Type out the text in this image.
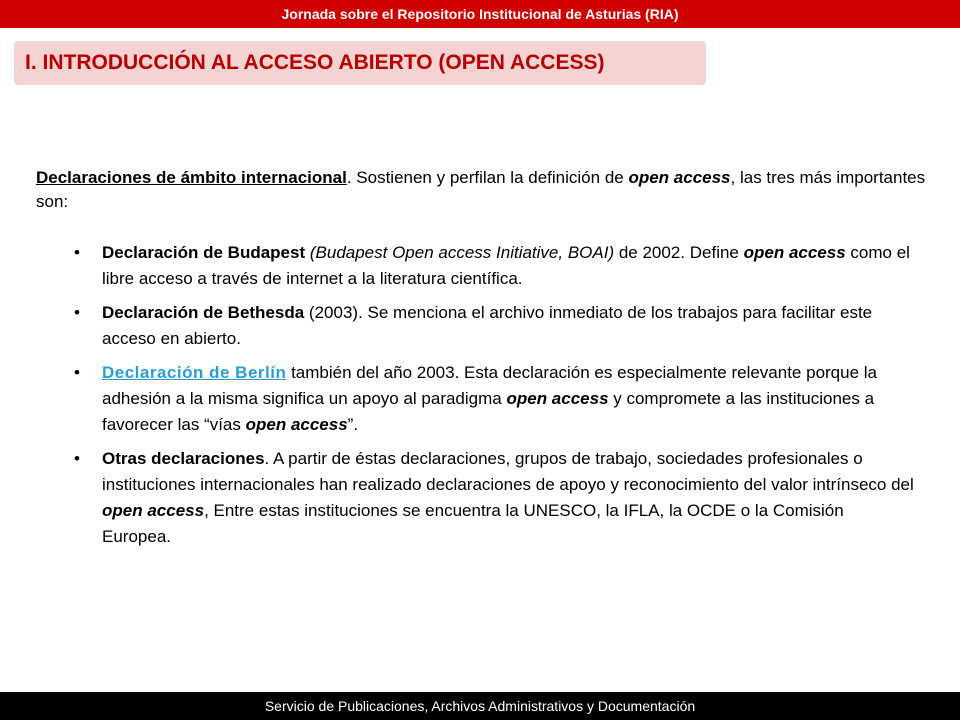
Jornada sobre el Repositorio Institucional de Asturias (RIA)
I. INTRODUCCIÓN AL ACCESO ABIERTO (OPEN ACCESS)

Declaraciones de ámbito internacional. Sostienen y perfilan la definición de open access, las tres más importantes son:

• Declaración de Budapest (Budapest Open access Initiative, BOAI) de 2002. Define open access como el libre acceso a través de internet a la literatura científica.
• Declaración de Bethesda (2003). Se menciona el archivo inmediato de los trabajos para facilitar este acceso en abierto.
• Declaración de Berlín también del año 2003. Esta declaración es especialmente relevante porque la adhesión a la misma significa un apoyo al paradigma open access y compromete a las instituciones a favorecer las “vías open access”.
• Otras declaraciones. A partir de éstas declaraciones, grupos de trabajo, sociedades profesionales o instituciones internacionales han realizado declaraciones de apoyo y reconocimiento del valor intrínseco del open access, Entre estas instituciones se encuentra la UNESCO, la IFLA, la OCDE o la Comisión Europea.
Servicio de Publicaciones, Archivos Administrativos y Documentación
